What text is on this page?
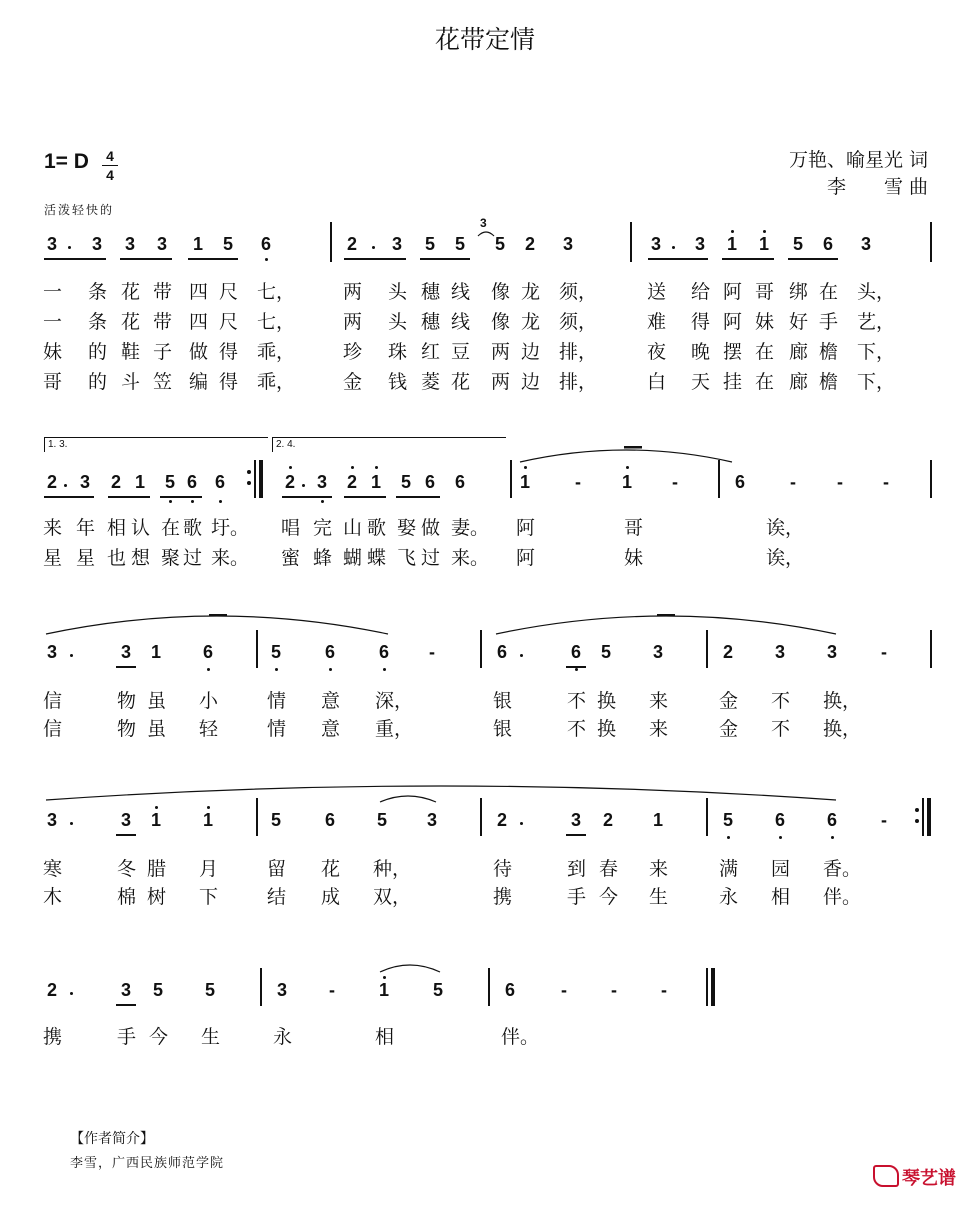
花带定情
1= D	4
4
万艳、喻星光 词
李　　雪 曲
活泼轻快的
3 3 3 3 1 5 6	2 3 5 5 5 2 3	3 3 1 1 5 6 3
3
一 条 花 带 四 尺 七，	两 头 穗 线 像 龙 须，	送 给 阿 哥 绑 在 头，
一 条 花 带 四 尺 七，	两 头 穗 线 像 龙 须，	难 得 阿 妹 好 手 艺，
妹 的 鞋 子 做 得 乖，	珍 珠 红 豆 两 边 排，	夜 晚 摆 在 廊 檐 下，
哥 的 斗 笠 编 得 乖，	金 钱 菱 花 两 边 排，	白 天 挂 在 廊 檐 下，
2 3 2 1 5 6 6	2 3 2 1 5 6 6	1 - 1 -	6 - - -
来 年 相 认 在 歌 圩。 唱 完 山 歌 娶 做 妻。 阿	哥	诶，
星 星 也 想 聚 过 来。 蜜 蜂 蝴 蝶 飞 过 来。 阿	妹	诶，
1. 3.	2. 4.
3	3 1 6	5 6 6 -	6	6 5 3	2 3 3 -
信	物 虽 小	情 意 深，	银	不 换 来	金 不 换，
信	物 虽 轻	情 意 重，	银	不 换 来	金 不 换，
3	3 1 1	5 6 5 3	2	3 2 1	5 6 6 -
寒	冬 腊 月	留 花 种，	待	到 春 来	满 园 香。
木	棉 树 下	结 成 双，	携	手 今 生	永 相 伴。
2	3 5 5	3 - 1 5	6	- - -
携	手 今 生	永	相	伴。
【作者简介】
李雪，广西民族师范学院
琴艺谱
